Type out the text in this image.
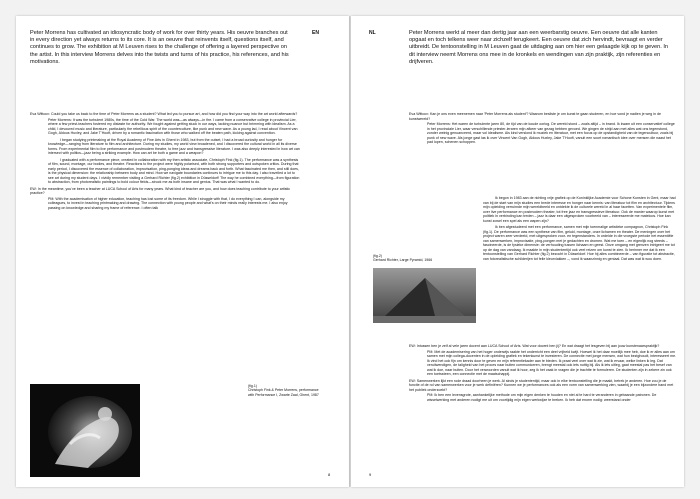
EN

Peter Morrens has cultivated an idiosyncratic body of work for over thirty years. His oeuvre branches out in every direction yet always returns to its core. It is an oeuvre that reinvents itself, questions itself, and continues to grow. The exhibition at M Leuven rises to the challenge of offering a layered perspective on the artist. In this interview Morrens delves into the twists and turns of his practice, his references, and his motivations.

Eva Wittocx: Could you take us back to the time of Peter Morrens as a student? What led you to pursue art, and how did you find your way into the art world afterwards?

Peter Morrens: It was the turbulent 1980s, the time of the Cold War. The world was—as always—in fire. I came from a conservative college in provincial Lier, where a few priest-teachers fostered my distaste for authority. We fought against getting stuck in our ways, lacking nuance but brimming with idealism. As a child, I devoured music and literature, particularly the rebellious spirit of the counterculture, like punk and new wave. As a young lad, I read about Vincent van Gogh, Aldous Huxley, and Jake T'Hooft, driven by a romantic fascination with those who walked off the beaten path, kicking against convention.

I began studying printmaking at the Royal Academy of Fine Arts in Ghent in 1983, but from the outset, I had a broad curiosity and hunger for knowledge—ranging from literature to film and architecture. During my studies, my world view broadened, and I discovered the cultural world in all its diverse forms. From experimental film to live performance and postmodern theatre, to free jazz and transgressive literature. I was also deeply interested in how art can intersect with politics—jazz being a striking example. How can art be both a game and a weapon?

I graduated with a performance piece, created in collaboration with my then artistic associate, Christoph Fink (fig.1). The performance was a synthesis of film, sound, montage, our bodies, and theatre. Reactions to the project were highly polarised, with both strong supporters and outspoken critics. During that early period, I discovered the essence of collaboration, improvisation, ping-ponging ideas and dreams back and forth. What fascinated me then, and still does, is the physical dimension: the relationship between body and mind. How we navigate boundaries continues to intrigue me to this day. I also travelled a lot to see art during my student days. I vividly remember visiting a Gerhard Richter (fig.2) exhibition in Düsseldorf! The way he combined everything—from figuration to abstraction, from photorealistic paintings to bold colour fields—struck me as both insane and genius. That was what I wanted to do.

EW: In the meantime, you've been a teacher at LUCA School of Arts for many years. What kind of teacher are you, and how does teaching contribute to your artistic practice?

PM: With the academisation of higher education, teaching has lost some of its freedom. While I struggle with that, I do everything I can, alongside my colleagues, to invest in teaching printmaking and drawing. The connection with young people and what's on their minds really interests me. I also enjoy passing on knowledge and sharing my frame of reference. I often talk

(fig.1)
Christoph Fink & Peter Morrens, performance with Performance I, Zwarte Zaal, Ghent, 1987
8
NL	Peter Morrens werkt al meer dan dertig jaar aan een weerbarstig oeuvre. Een oeuvre dat alle kanten opgaat en toch telkens weer naar zichzelf terugkeert. Een oeuvre dat zich hervindt, bevraagt en verder uitbreidt. De tentoonstelling in M Leuven gaat de uitdaging aan om hier een gelaagde kijk op te geven. In dit interview neemt Morrens ons mee in de kronkels en wendingen van zijn praktijk, zijn referenties en drijfveren.

Eva Wittocx: Kan je ons even meenemen naar 'Peter Morrens als student'? Waarom besliste je om kunst te gaan studeren, en hoe vond je nadien je weg in de kunstwereld?

Peter Morrens: Het waren de turbulente jaren 80, de tijd van de koude oorlog. De wereld stond – zoals altijd – in brand. Ik kwam uit een conservatief college in het provinciale Lier, waar verschillende priester-leraren mijn afkeer van gezag hebben gevoed. We gingen de strijd aan met alles wat ons tegenstond, zonder weinig genuanceerd, maar vol idealisme. Als kind verslond ik muziek en literatuur, met een focus op de opstandigheid van de tegencultuur, zoals bij punk of new wave. Als jonge gast las ik over Vincent Van Gogh, Aldous Huxley, Jake T'Hooft, vanuit een soort romantisch idee over mensen die naast het pad lopen, schenen schoppen.

Ik begon in 1983 aan de richting vrije grafiek op de Koninklijke Academie voor Schone Kunsten in Gent, maar had van bij de start van mijn studies een brede interesse en honger naar kennis: van literatuur tot film en architectuur. Tijdens mijn opleiding verruimde mijn wereldbeeld en ontdekte ik de culturele wereld in al haar facetten. Van experimentele film, over live performance en postmodern theater, tot free jazz en transgressieve literatuur. Ook de manier waarop kunst met politiek in verbinding kan treden – jazz is daar een uitgesproken voorbeeld van – interesseerde me mateloos. Hoe kan kunst zowel een spel als een wapen zijn?

Ik ben afgestudeerd met een performance, samen met mijn toenmalige artistieke compagnon, Christoph Fink (fig.1). De performance was een synthese van film, geluid, montage, onze lichamen en theater. De meningen over het project waren zeer verdeeld, met uitgesproken voor- en tegenstanders. In ordelde in die vroegste periode het essentiële van samenwerken, improvisatie, ping-pongen met je gedachten en dromen. Wat me toen – en eigenlijk nog steeds – fascineerde, is de fysieke dimensie: de verhouding tussen lichaam en geest. Onze omgang met grenzen intrigeert me tot op de dag van vandaag. Ik maakte in mijn studententijd ook veel reizen om kunst te zien. Ik herinner me dat ik een tentoonstelling van Gerhard Richter (fig.2) bezocht in Düsseldorf. Hoe hij alles combineerde – van figuratie tot abstractie, van fotorealistische schilderijen tot felle kleurvlakken –, vond ik waanzinnig en geniaal. Dat was wat ik wou doen.

(fig.2)
Gerhard Richter, Large Pyramid, 1966

EW: Intussen ben je zelf al vele jaren docent aan LUCA School of Arts. Wat voor docent ben jij? En wat draagt het lesgeven bij aan jouw kunstenaarspraktijk?

PM: Met de academisering van het hoger onderwijs raakte het onderricht een deel vrijheid kwijt. Hoewel ik het daar moeilijk mee heb, doe ik er alles aan om samen met mijn collega-docenten in de opleiding grafiek en tekenkunst te investeren. De connectie met jonge mensen, wat hun bezighoudt, interesseert me. Ik vind het ook fijn om kennis door te geven en mijn referentiekader aan te bieden. Ik praat veel over wat ik zie, wat ik ervaar, welke linken ik leg. Dat veruitwendigen, de taligheid van het proces naar buiten communiceren, brengt meestal ook iets nuttig bij. Als ik iets uitleg, gaat meestal pas het besef van wat ik doe, naar buiten. Door het verwoorden vanuit wat ik hoor, zeg ik het vaak in vragen die je trachtte te formuleren. De studenten zijn in zekere zin ook een toetssteen, een connectie met de maatschappij.

EW: Samenwerken lijkt een rode draad doorheen je werk. Al sinds je studententijd, maar ook in elke tentoonstelling die je maakt, betrek je anderen. Hoe zou je de functie of de rol van samenwerken voor je werk definiëren? Kunnen we je performances ook als een vorm van samenwerking zien, waarbij je een bijzondere band met het publiek onderzoekt?

PM: Ik ben een levensgrote, aanhankelijke methode om mijn eigen denken te houden en niet al te hard te veranderen in gebaande patronen. De wisselwerking met anderen nodigt me uit om voortijdig mijn eigen werkwijze te breken. Ik heb dat enorm nodig: weerstand onder

9
